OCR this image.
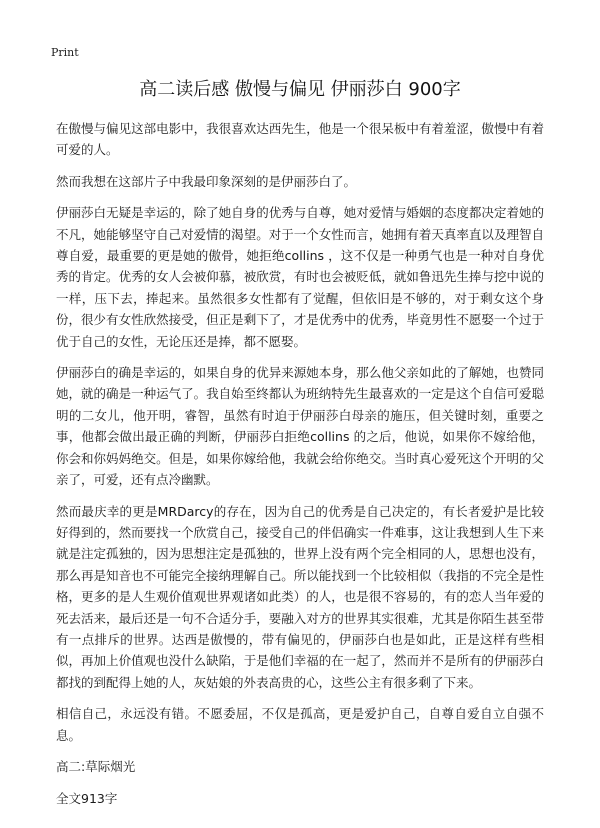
Print
高二读后感 傲慢与偏见 伊丽莎白 900字

在傲慢与偏见这部电影中，我很喜欢达西先生，他是一个很呆板中有着羞涩，傲慢中有着可爱的人。

然而我想在这部片子中我最印象深刻的是伊丽莎白了。

伊丽莎白无疑是幸运的，除了她自身的优秀与自尊，她对爱情与婚姻的态度都决定着她的不凡，她能够坚守自己对爱情的渴望。对于一个女性而言，她拥有着天真率直以及理智自尊自爱，最重要的更是她的傲骨，她拒绝collins ，这不仅是一种勇气也是一种对自身优秀的肯定。优秀的女人会被仰慕，被欣赏，有时也会被贬低，就如鲁迅先生捧与挖中说的一样，压下去，捧起来。虽然很多女性都有了觉醒，但依旧是不够的，对于剩女这个身份，很少有女性欣然接受，但正是剩下了，才是优秀中的优秀，毕竟男性不愿娶一个过于优于自己的女性，无论压还是捧，都不愿娶。

伊丽莎白的确是幸运的，如果自身的优异来源她本身，那么他父亲如此的了解她，也赞同她，就的确是一种运气了。我自始至终都认为班纳特先生最喜欢的一定是这个自信可爱聪明的二女儿，他开明，睿智，虽然有时迫于伊丽莎白母亲的施压，但关键时刻，重要之事，他都会做出最正确的判断，伊丽莎白拒绝collins 的之后，他说，如果你不嫁给他，你会和你妈妈绝交。但是，如果你嫁给他，我就会给你绝交。当时真心爱死这个开明的父亲了，可爱，还有点冷幽默。

然而最庆幸的更是MRDarcy的存在，因为自己的优秀是自己决定的，有长者爱护是比较好得到的，然而要找一个欣赏自己，接受自己的伴侣确实一件难事，这让我想到人生下来就是注定孤独的，因为思想注定是孤独的，世界上没有两个完全相同的人，思想也没有，那么再是知音也不可能完全接纳理解自己。所以能找到一个比较相似（我指的不完全是性格，更多的是人生观价值观世界观诸如此类）的人，也是很不容易的，有的恋人当年爱的死去活来，最后还是一句不合适分手，要融入对方的世界其实很难，尤其是你陌生甚至带有一点排斥的世界。达西是傲慢的，带有偏见的，伊丽莎白也是如此，正是这样有些相似，再加上价值观也没什么缺陷，于是他们幸福的在一起了，然而并不是所有的伊丽莎白都找的到配得上她的人，灰姑娘的外表高贵的心，这些公主有很多剩了下来。

相信自己，永远没有错。不愿委屈，不仅是孤高，更是爱护自己，自尊自爱自立自强不息。

高二:草际烟光

全文913字
